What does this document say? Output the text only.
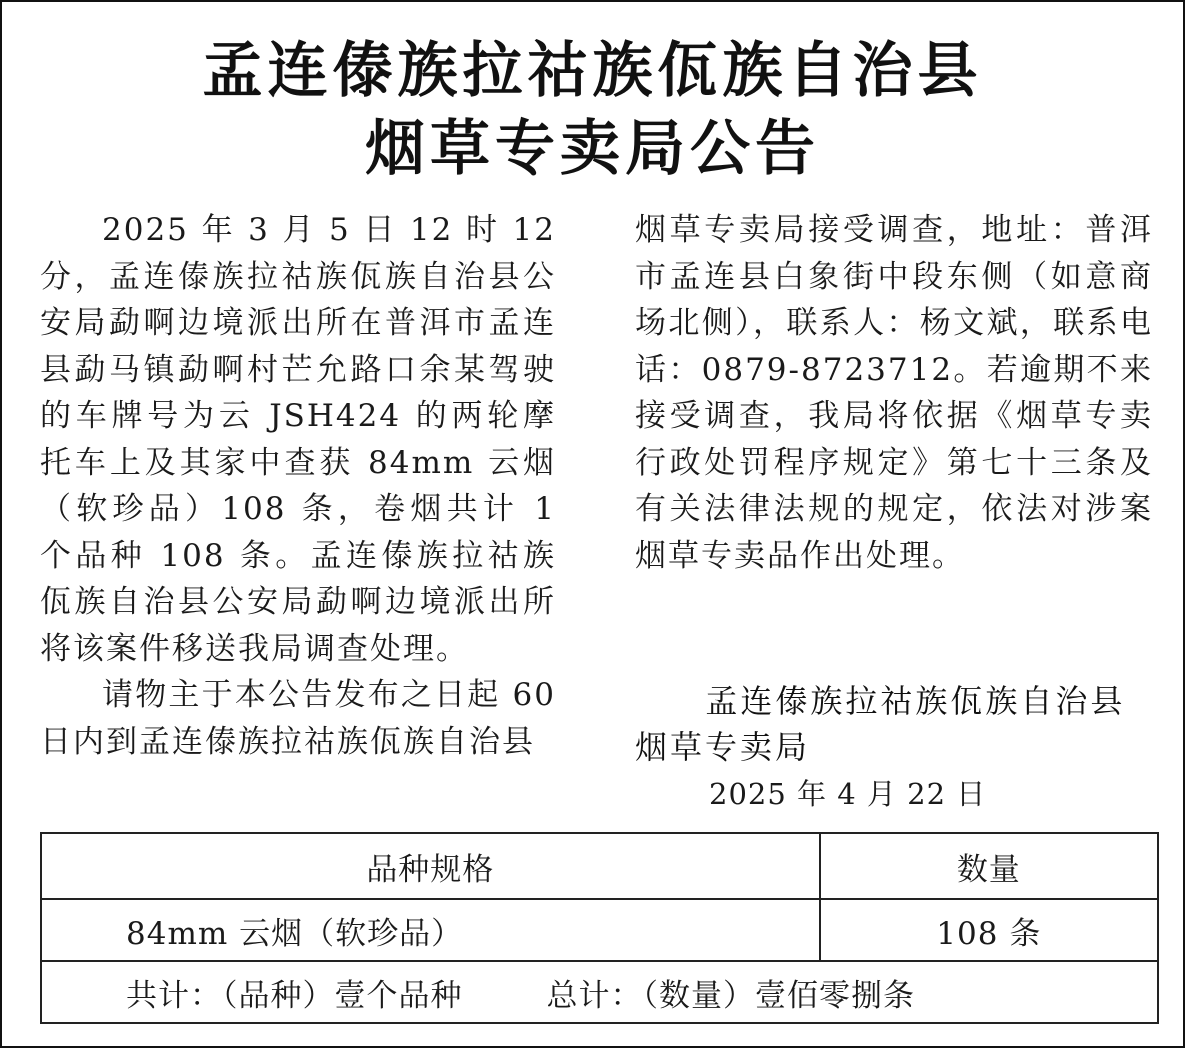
孟连傣族拉祜族佤族自治县
烟草专卖局公告

2025 年 3 月 5 日 12 时 12 分，孟连傣族拉祜族佤族自治县公安局勐啊边境派出所在普洱市孟连县勐马镇勐啊村芒允路口余某驾驶的车牌号为云 JSH424 的两轮摩托车上及其家中查获 84mm 云烟（软珍品）108 条，卷烟共计 1 个品种 108 条。孟连傣族拉祜族佤族自治县公安局勐啊边境派出所将该案件移送我局调查处理。

请物主于本公告发布之日起 60 日内到孟连傣族拉祜族佤族自治县

烟草专卖局接受调查，地址：普洱市孟连县白象街中段东侧（如意商场北侧），联系人：杨文斌，联系电话：0879-8723712。若逾期不来接受调查，我局将依据《烟草专卖行政处罚程序规定》第七十三条及有关法律法规的规定，依法对涉案烟草专卖品作出处理。

孟连傣族拉祜族佤族自治县烟草专卖局
2025 年 4 月 22 日
品种规格	数量
84mm 云烟（软珍品）	108 条
共计：（品种）壹个品种 总计：（数量）壹佰零捌条	
